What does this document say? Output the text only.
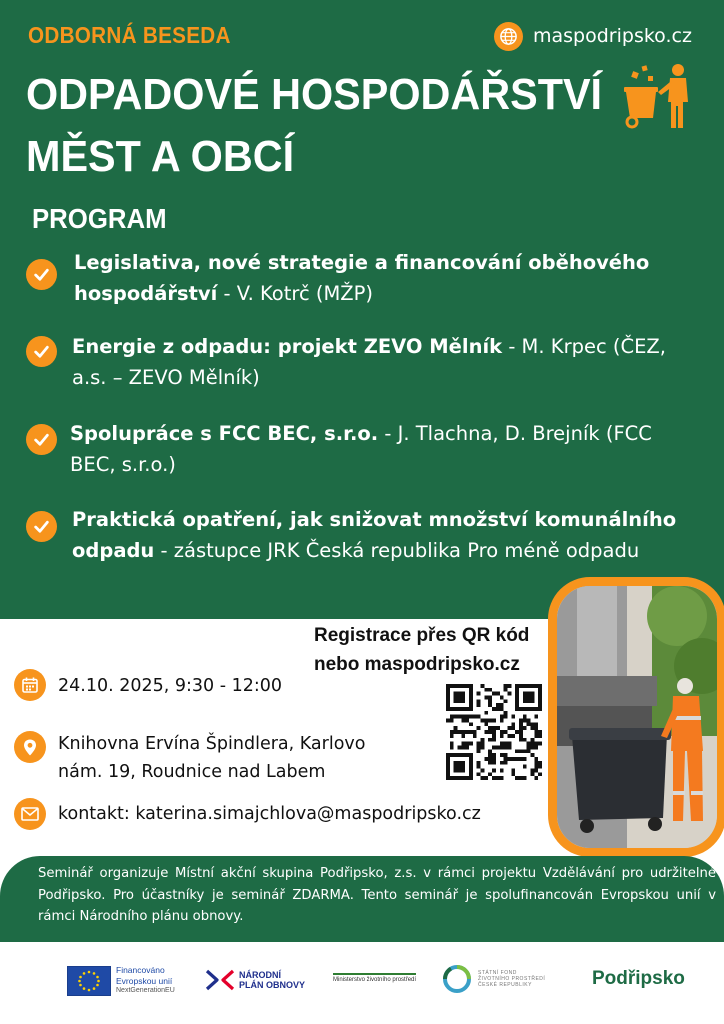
ODBORNÁ BESEDA	maspodripsko.cz
ODPADOVÉ HOSPODÁŘSTVÍ
MĚST A OBCÍ
PROGRAM
Legislativa, nové strategie a financování oběhového hospodářství - V. Kotrč (MŽP)
Energie z odpadu: projekt ZEVO Mělník - M. Krpec (ČEZ, a.s. – ZEVO Mělník)
Spolupráce s FCC BEC, s.r.o. - J. Tlachna, D. Brejník (FCC BEC, s.r.o.)
Praktická opatření, jak snižovat množství komunálního odpadu - zástupce JRK Česká republika Pro méně odpadu
Registrace přes QR kód
nebo maspodripsko.cz
24.10. 2025, 9:30 - 12:00
Knihovna Ervína Špindlera, Karlovo
nám. 19, Roudnice nad Labem
kontakt: katerina.simajchlova@maspodripsko.cz
Seminář organizuje Místní akční skupina Podřipsko, z.s. v rámci projektu Vzdělávání pro udržitelné Podřipsko. Pro účastníky je seminář ZDARMA. Tento seminář je spolufinancován Evropskou unií v rámci Národního plánu obnovy.
Financováno
Evropskou unií
NextGenerationEU
NÁRODNÍ
PLÁN OBNOVY	Ministerstvo životního prostředí
STÁTNÍ FOND
ŽIVOTNÍHO PROSTŘEDÍ
ČESKÉ REPUBLIKY	Podřipsko
